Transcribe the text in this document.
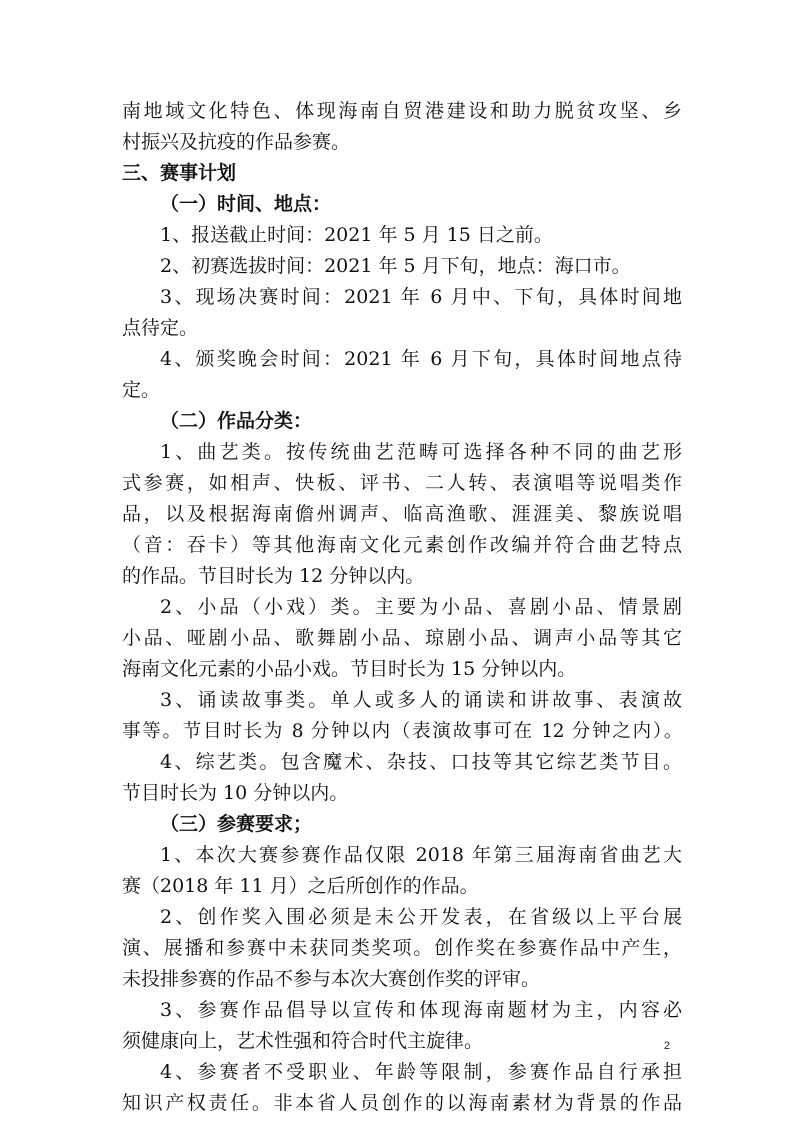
南地域文化特色、体现海南自贸港建设和助力脱贫攻坚、乡

村振兴及抗疫的作品参赛。

三、赛事计划

（一）时间、地点：

1、报送截止时间：2021 年 5 月 15 日之前。

2、初赛选拔时间：2021 年 5 月下旬，地点：海口市。

3、现场决赛时间：2021 年 6 月中、下旬，具体时间地

点待定。

4、颁奖晚会时间：2021 年 6 月下旬，具体时间地点待

定。

（二）作品分类：

1、曲艺类。按传统曲艺范畴可选择各种不同的曲艺形

式参赛，如相声、快板、评书、二人转、表演唱等说唱类作

品，以及根据海南儋州调声、临高渔歌、涯涯美、黎族说唱

（音：吞卡）等其他海南文化元素创作改编并符合曲艺特点

的作品。节目时长为 12 分钟以内。

2、小品（小戏）类。主要为小品、喜剧小品、情景剧

小品、哑剧小品、歌舞剧小品、琼剧小品、调声小品等其它

海南文化元素的小品小戏。节目时长为 15 分钟以内。

3、诵读故事类。单人或多人的诵读和讲故事、表演故

事等。节目时长为 8 分钟以内（表演故事可在 12 分钟之内）。

4、综艺类。包含魔术、杂技、口技等其它综艺类节目。

节目时长为 10 分钟以内。

（三）参赛要求；

1、本次大赛参赛作品仅限 2018 年第三届海南省曲艺大

赛（2018 年 11 月）之后所创作的作品。

2、创作奖入围必须是未公开发表，在省级以上平台展

演、展播和参赛中未获同类奖项。创作奖在参赛作品中产生，

未投排参赛的作品不参与本次大赛创作奖的评审。

3、参赛作品倡导以宣传和体现海南题材为主，内容必

须健康向上，艺术性强和符合时代主旋律。

4、参赛者不受职业、年龄等限制，参赛作品自行承担

知识产权责任。非本省人员创作的以海南素材为背景的作品

2
